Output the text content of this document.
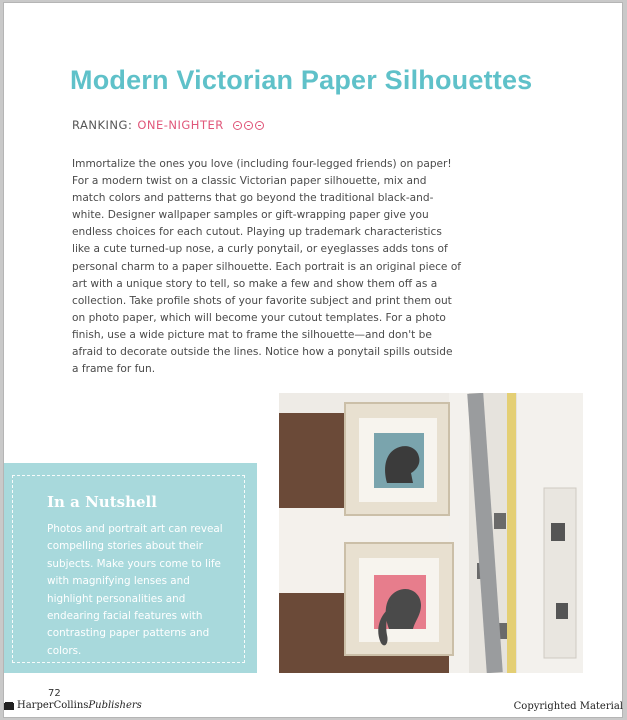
Modern Victorian Paper Silhouettes
RANKING: ONE-NIGHTER

Immortalize the ones you love (including four-legged friends) on paper! For a modern twist on a classic Victorian paper silhouette, mix and match colors and patterns that go beyond the traditional black-and-white. Designer wallpaper samples or gift-wrapping paper give you endless choices for each cutout. Playing up trademark characteristics like a cute turned-up nose, a curly ponytail, or eyeglasses adds tons of personal charm to a paper silhouette. Each portrait is an original piece of art with a unique story to tell, so make a few and show them off as a collection. Take profile shots of your favorite subject and print them out on photo paper, which will become your cutout templates. For a photo finish, use a wide picture mat to frame the silhouette—and don't be afraid to decorate outside the lines. Notice how a ponytail spills outside a frame for fun.

In a Nutshell

Photos and portrait art can reveal compelling stories about their subjects. Make yours come to life with magnifying lenses and highlight personalities and endearing facial features with contrasting paper patterns and colors.

72
HarperCollins Publishers	Copyrighted Material
